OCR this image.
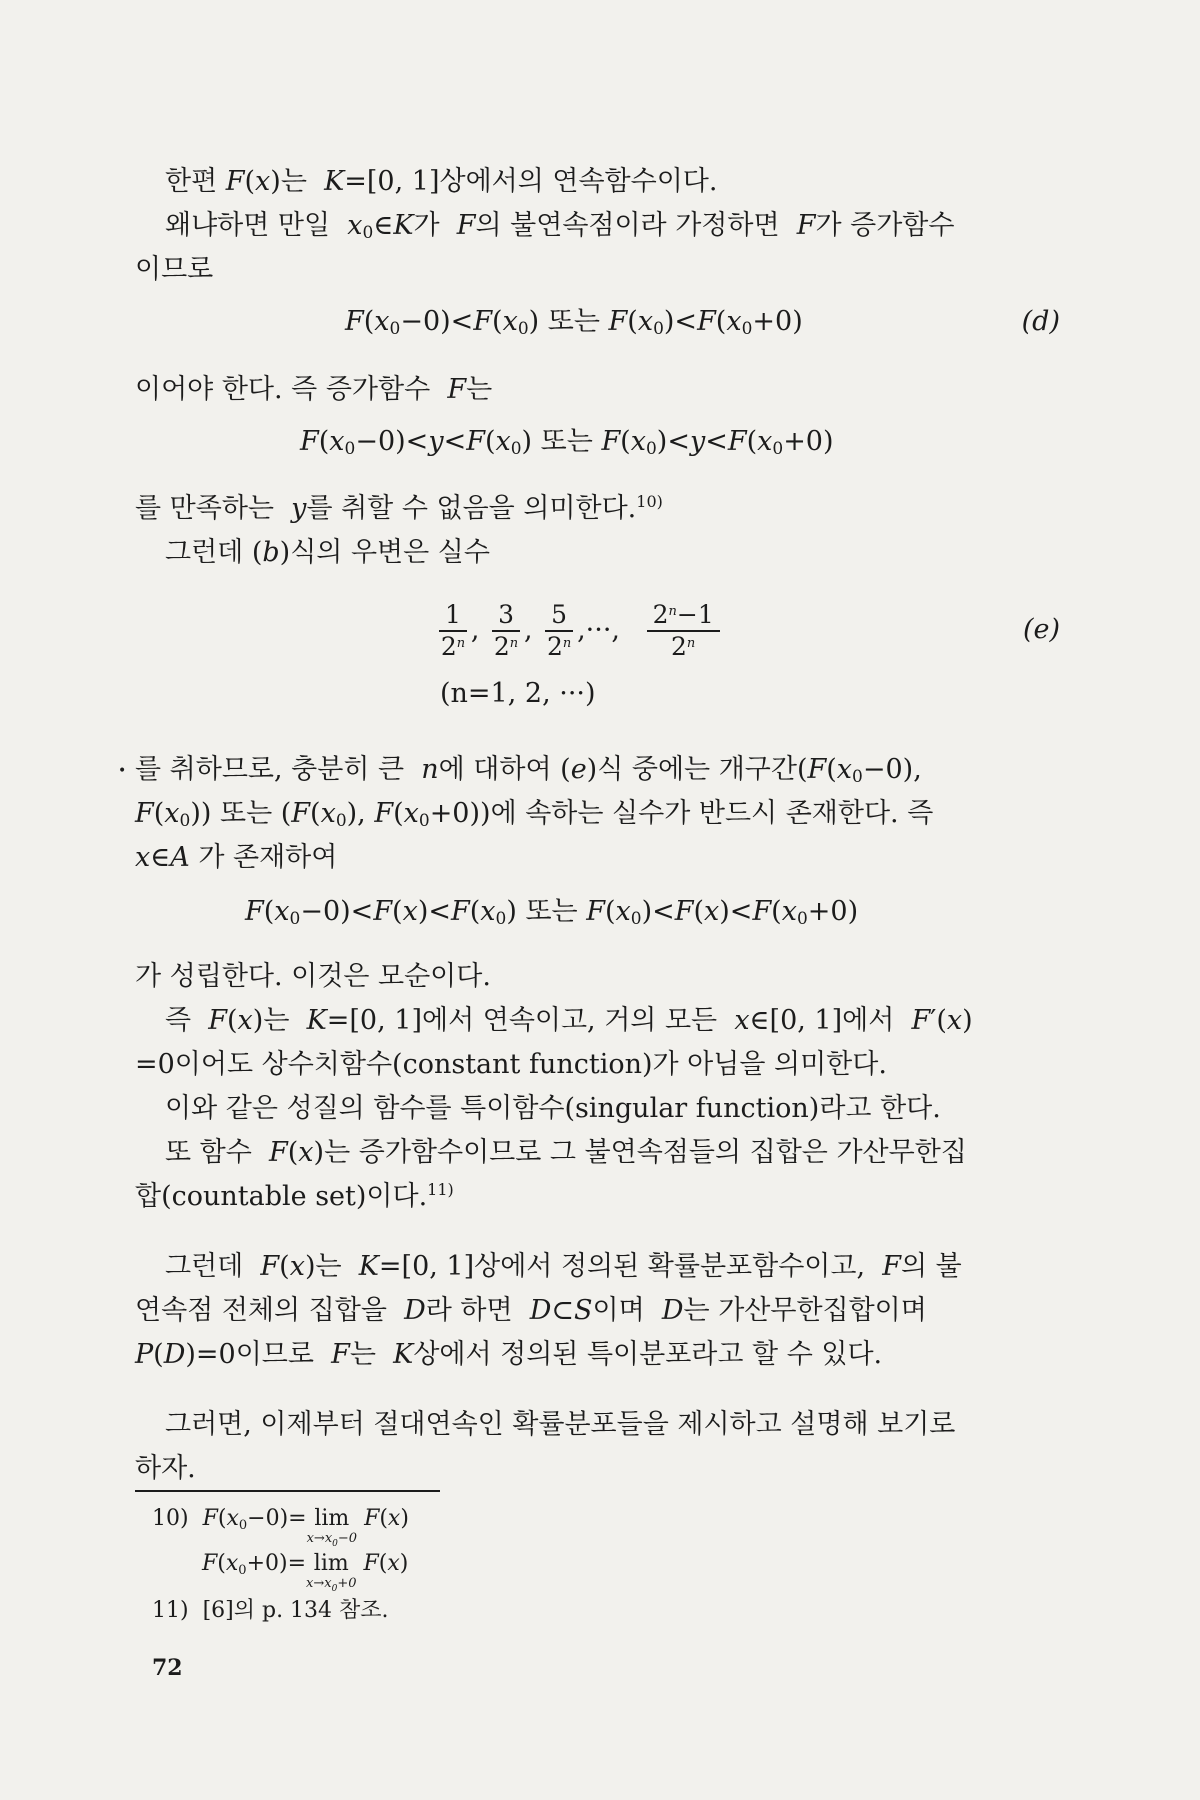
한편 F(x)는 K=[0, 1]상에서의 연속함수이다.
왜냐하면 만일 $x_0\in K$가 F의 불연속점이라 가정하면 F가 증가함수
이므로
$F(x_0-0)<F(x_0)$ 또는 $F(x_0)<F(x_0+0)$	(d)
이어야 한다. 즉 증가함수 F는
$F(x_0-0)<y<F(x_0)$ 또는 $F(x_0)<y<F(x_0+0)$
를 만족하는 y를 취할 수 없음을 의미한다.$^{10)}$
그런데 (b)식의 우변은 실수
$\frac{1}{2^n}$ , $\frac{3}{2^n}$ , $\frac{5}{2^n}$ ,···, $\frac{2^n-1}{2^n}$	(e)
(n=1, 2, ···)
• 를 취하므로, 충분히 큰 n에 대하여 (e)식 중에는 개구간($F(x_0-0)$,
$F(x_0)$) 또는 ($F(x_0)$, $F(x_0+0)$)에 속하는 실수가 반드시 존재한다. 즉
x∈A 가 존재하여
$F(x_0-0)<F(x)<F(x_0)$ 또는 $F(x_0)<F(x)<F(x_0+0)$
가 성립한다. 이것은 모순이다.
즉 F(x)는 K=[0, 1]에서 연속이고, 거의 모든 x∈[0, 1]에서 F′(x)
=0이어도 상수치함수(constant function)가 아님을 의미한다.
이와 같은 성질의 함수를 특이함수(singular function)라고 한다.
또 함수 F(x)는 증가함수이므로 그 불연속점들의 집합은 가산무한집
합(countable set)이다.$^{11)}$
그런데 F(x)는 K=[0, 1]상에서 정의된 확률분포함수이고, F의 불
연속점 전체의 집합을 D라 하면 D⊂S이며 D는 가산무한집합이며
P(D)=0이므로 F는 K상에서 정의된 특이분포라고 할 수 있다.
그러면, 이제부터 절대연속인 확률분포들을 제시하고 설명해 보기로
하자.
10) $F(x_0-0)= \lim$
$x\to x_0-0$
F(x)
$F(x_0+0)= \lim$
$x\to x_0+0$
F(x)
11) [6]의 p. 134 참조.
72
